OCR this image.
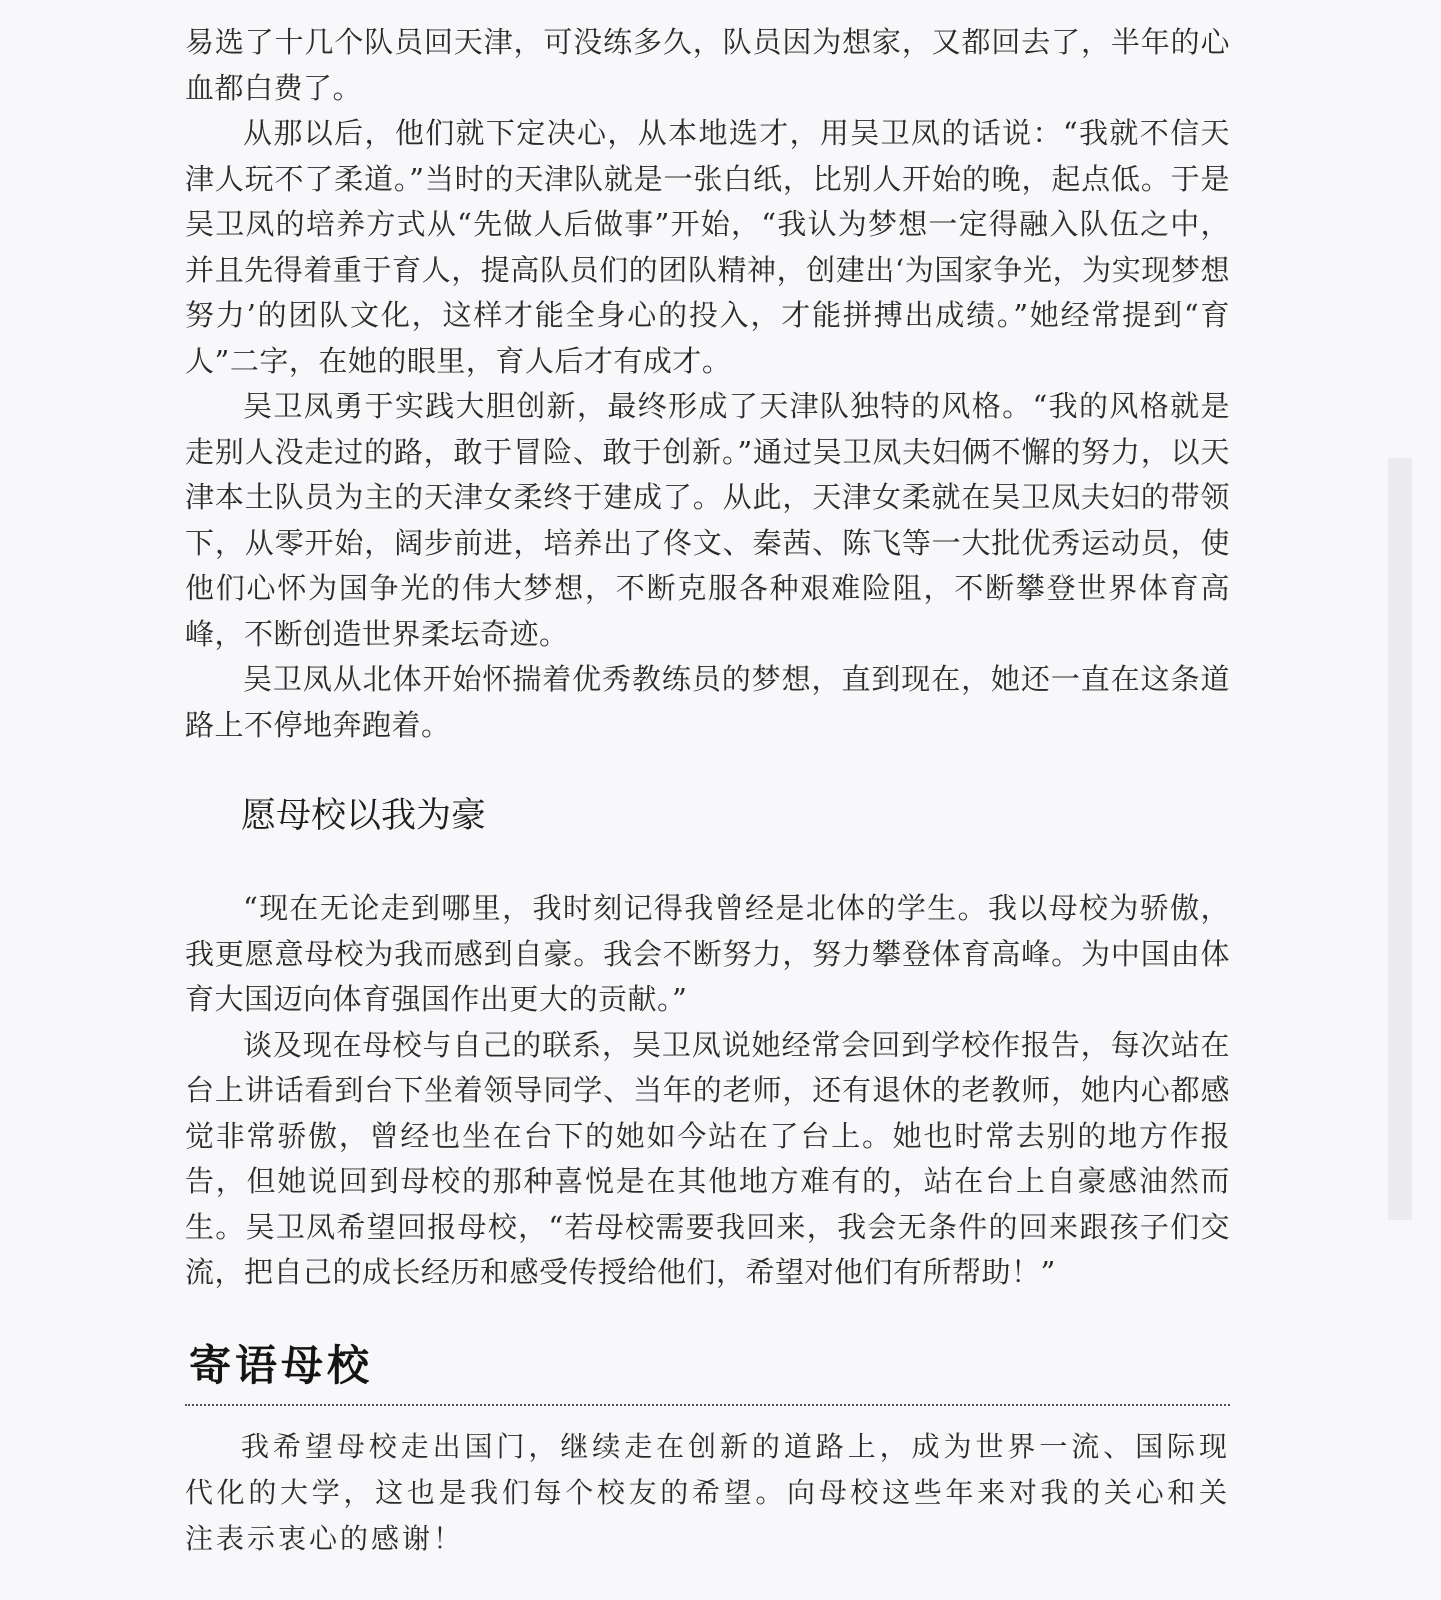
易选了十几个队员回天津，可没练多久，队员因为想家，又都回去了，半年的心血都白费了。

从那以后，他们就下定决心，从本地选才，用吴卫凤的话说：“我就不信天津人玩不了柔道。”当时的天津队就是一张白纸，比别人开始的晚，起点低。于是吴卫凤的培养方式从“先做人后做事”开始，“我认为梦想一定得融入队伍之中，并且先得着重于育人，提高队员们的团队精神，创建出‘为国家争光，为实现梦想努力’的团队文化，这样才能全身心的投入，才能拼搏出成绩。”她经常提到“育人”二字，在她的眼里，育人后才有成才。

吴卫凤勇于实践大胆创新，最终形成了天津队独特的风格。“我的风格就是走别人没走过的路，敢于冒险、敢于创新。”通过吴卫凤夫妇俩不懈的努力，以天津本土队员为主的天津女柔终于建成了。从此，天津女柔就在吴卫凤夫妇的带领下，从零开始，阔步前进，培养出了佟文、秦茜、陈飞等一大批优秀运动员，使他们心怀为国争光的伟大梦想，不断克服各种艰难险阻，不断攀登世界体育高峰，不断创造世界柔坛奇迹。

吴卫凤从北体开始怀揣着优秀教练员的梦想，直到现在，她还一直在这条道路上不停地奔跑着。

愿母校以我为豪

“现在无论走到哪里，我时刻记得我曾经是北体的学生。我以母校为骄傲，我更愿意母校为我而感到自豪。我会不断努力，努力攀登体育高峰。为中国由体育大国迈向体育强国作出更大的贡献。”

谈及现在母校与自己的联系，吴卫凤说她经常会回到学校作报告，每次站在台上讲话看到台下坐着领导同学、当年的老师，还有退休的老教师，她内心都感觉非常骄傲，曾经也坐在台下的她如今站在了台上。她也时常去别的地方作报告，但她说回到母校的那种喜悦是在其他地方难有的，站在台上自豪感油然而生。吴卫凤希望回报母校，“若母校需要我回来，我会无条件的回来跟孩子们交流，把自己的成长经历和感受传授给他们，希望对他们有所帮助！”

寄语母校

我希望母校走出国门，继续走在创新的道路上，成为世界一流、国际现代化的大学，这也是我们每个校友的希望。向母校这些年来对我的关心和关注表示衷心的感谢！
